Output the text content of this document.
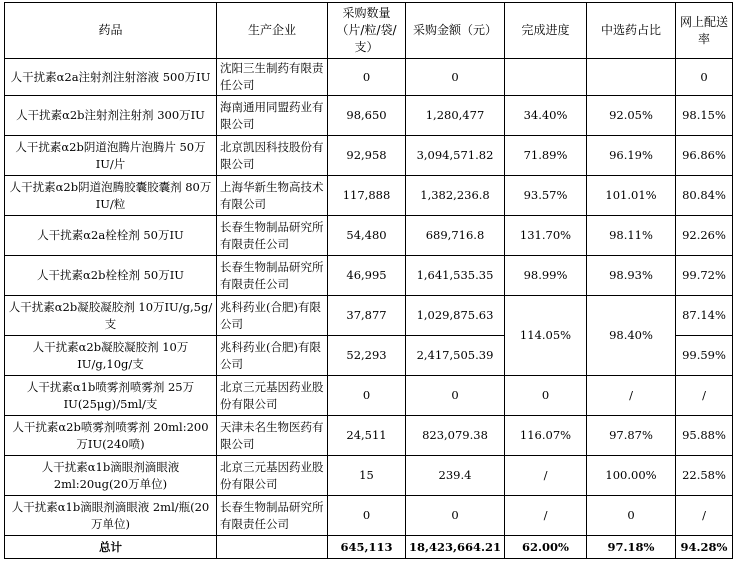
药品	生产企业	采购数量（片/粒/袋/支）	采购金额（元）	完成进度	中选药占比	网上配送率
人干扰素α2a注射剂注射溶液 500万IU	沈阳三生制药有限责任公司	0	0			0
人干扰素α2b注射剂注射剂 300万IU	海南通用同盟药业有限公司	98,650	1,280,477	34.40%	92.05%	98.15%
人干扰素α2b阴道泡腾片泡腾片 50万IU/片	北京凯因科技股份有限公司	92,958	3,094,571.82	71.89%	96.19%	96.86%
人干扰素α2b阴道泡腾胶囊胶囊剂 80万IU/粒	上海华新生物高技术有限公司	117,888	1,382,236.8	93.57%	101.01%	80.84%
人干扰素α2a栓栓剂 50万IU	长春生物制品研究所有限责任公司	54,480	689,716.8	131.70%	98.11%	92.26%
人干扰素α2b栓栓剂 50万IU	长春生物制品研究所有限责任公司	46,995	1,641,535.35	98.99%	98.93%	99.72%
人干扰素α2b凝胶凝胶剂 10万IU/g,5g/支	兆科药业(合肥)有限公司	37,877	1,029,875.63	114.05%	98.40%	87.14%
人干扰素α2b凝胶凝胶剂 10万IU/g,10g/支	兆科药业(合肥)有限公司	52,293	2,417,505.39			99.59%
人干扰素α1b喷雾剂喷雾剂 25万IU(25μg)/5ml/支	北京三元基因药业股份有限公司	0	0	0	/	/
人干扰素α2b喷雾剂喷雾剂 20ml:200万IU(240喷)	天津未名生物医药有限公司	24,511	823,079.38	116.07%	97.87%	95.88%
人干扰素α1b滴眼剂滴眼液 2ml:20ug(20万单位)	北京三元基因药业股份有限公司	15	239.4	/	100.00%	22.58%
人干扰素α1b滴眼剂滴眼液 2ml/瓶(20万单位)	长春生物制品研究所有限责任公司	0	0	/	0	/
总计		645,113	18,423,664.21	62.00%	97.18%	94.28%
